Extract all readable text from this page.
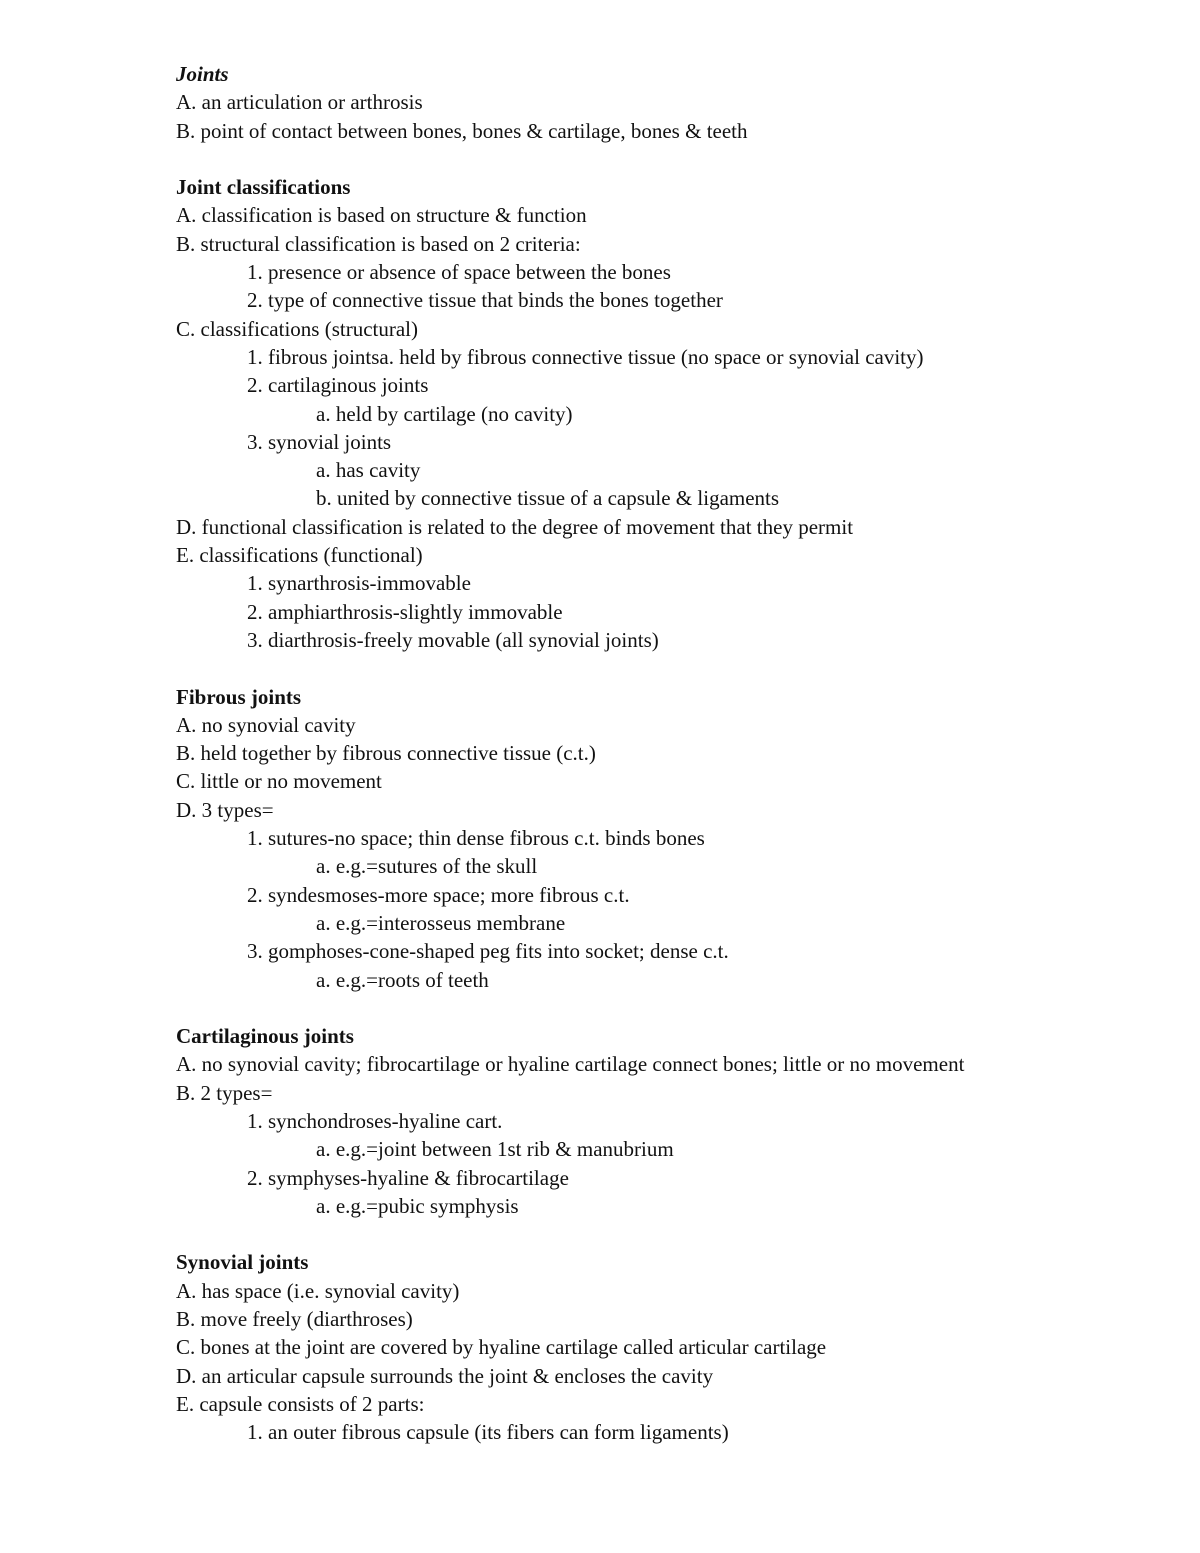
Joints

A. an articulation or arthrosis

B. point of contact between bones, bones & cartilage, bones & teeth

Joint classifications

A. classification is based on structure & function

B. structural classification is based on 2 criteria:

1. presence or absence of space between the bones

2. type of connective tissue that binds the bones together

C. classifications (structural)

1. fibrous jointsa. held by fibrous connective tissue (no space or synovial cavity)

2. cartilaginous joints

a. held by cartilage (no cavity)

3. synovial joints

a. has cavity

b. united by connective tissue of a capsule & ligaments

D. functional classification is related to the degree of movement that they permit

E. classifications (functional)

1. synarthrosis-immovable

2. amphiarthrosis-slightly immovable

3. diarthrosis-freely movable (all synovial joints)

Fibrous joints

A. no synovial cavity

B. held together by fibrous connective tissue (c.t.)

C. little or no movement

D. 3 types=

1. sutures-no space; thin dense fibrous c.t. binds bones

a. e.g.=sutures of the skull

2. syndesmoses-more space; more fibrous c.t.

a. e.g.=interosseus membrane

3. gomphoses-cone-shaped peg fits into socket; dense c.t.

a. e.g.=roots of teeth

Cartilaginous joints

A. no synovial cavity; fibrocartilage or hyaline cartilage connect bones; little or no movement

B. 2 types=

1. synchondroses-hyaline cart.

a. e.g.=joint between 1st rib & manubrium

2. symphyses-hyaline & fibrocartilage

a. e.g.=pubic symphysis

Synovial joints

A. has space (i.e. synovial cavity)

B. move freely (diarthroses)

C. bones at the joint are covered by hyaline cartilage called articular cartilage

D. an articular capsule surrounds the joint & encloses the cavity

E. capsule consists of 2 parts:

1. an outer fibrous capsule (its fibers can form ligaments)
